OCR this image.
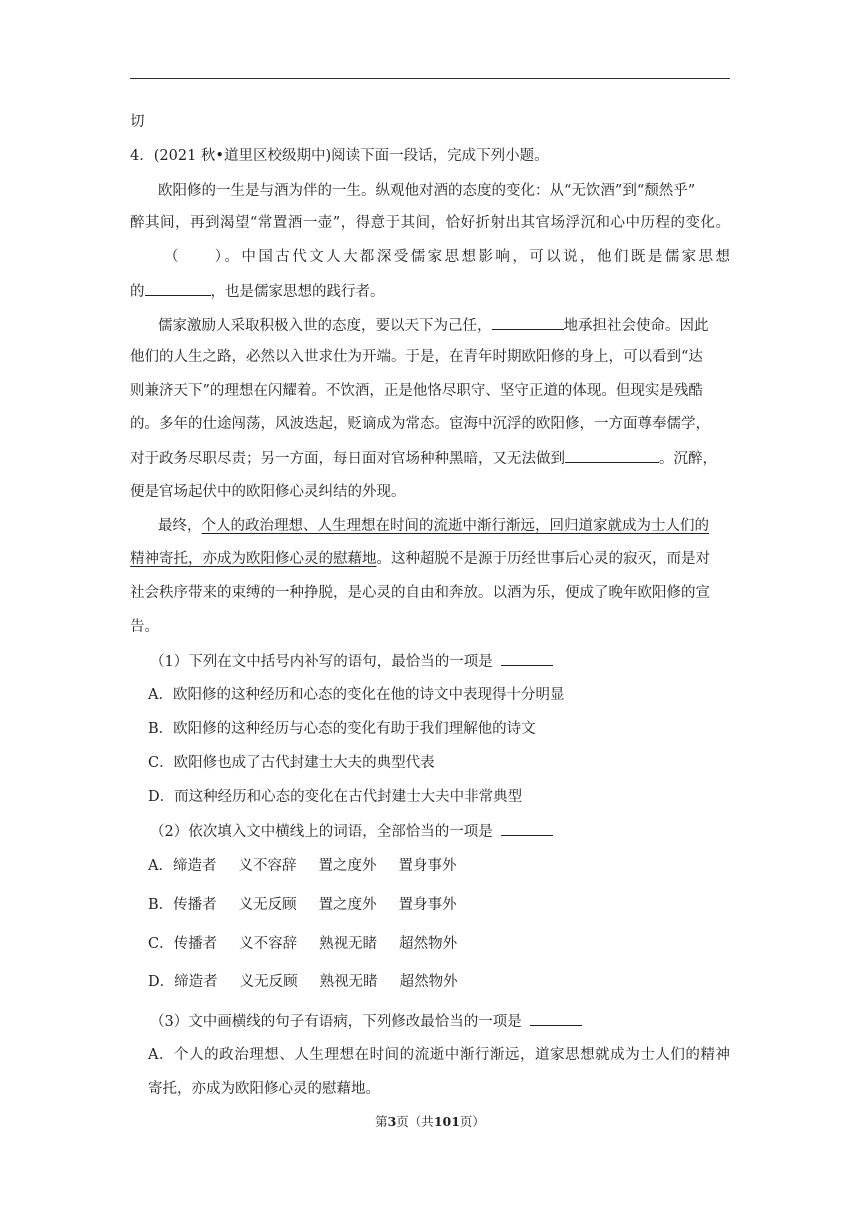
切
4．(2021 秋•道里区校级期中)阅读下面一段话，完成下列小题。
欧阳修的一生是与酒为伴的一生。纵观他对酒的态度的变化：从“无饮酒”到“颓然乎”
醉其间，再到渴望“常置酒一壶”，得意于其间，恰好折射出其官场浮沉和心中历程的变化。
（　　）。中国古代文人大都深受儒家思想影响，可以说，他们既是儒家思想
的	，也是儒家思想的践行者。
儒家激励人采取积极入世的态度，要以天下为己任，	地承担社会使命。因此
他们的人生之路，必然以入世求仕为开端。于是，在青年时期欧阳修的身上，可以看到“达
则兼济天下”的理想在闪耀着。不饮酒，正是他恪尽职守、坚守正道的体现。但现实是残酷
的。多年的仕途闯荡，风波迭起，贬谪成为常态。宦海中沉浮的欧阳修，一方面尊奉儒学，
对于政务尽职尽责；另一方面，每日面对官场种种黑暗，又无法做到	。沉醉，
便是官场起伏中的欧阳修心灵纠结的外现。
最终，个人的政治理想、人生理想在时间的流逝中渐行渐远，回归道家就成为士人们的
精神寄托，亦成为欧阳修心灵的慰藉地。这种超脱不是源于历经世事后心灵的寂灭，而是对
社会秩序带来的束缚的一种挣脱，是心灵的自由和奔放。以酒为乐，便成了晚年欧阳修的宣
告。
（1）下列在文中括号内补写的语句，最恰当的一项是
A．欧阳修的这种经历和心态的变化在他的诗文中表现得十分明显
B．欧阳修的这种经历与心态的变化有助于我们理解他的诗文
C．欧阳修也成了古代封建士大夫的典型代表
D．而这种经历和心态的变化在古代封建士大夫中非常典型
（2）依次填入文中横线上的词语，全部恰当的一项是
A．缔造者 义不容辞 置之度外 置身事外
B．传播者 义无反顾 置之度外 置身事外
C．传播者 义不容辞 熟视无睹 超然物外
D．缔造者 义无反顾 熟视无睹 超然物外
（3）文中画横线的句子有语病，下列修改最恰当的一项是
A．个人的政治理想、人生理想在时间的流逝中渐行渐远，道家思想就成为士人们的精神
寄托，亦成为欧阳修心灵的慰藉地。
第3页（共101页）
